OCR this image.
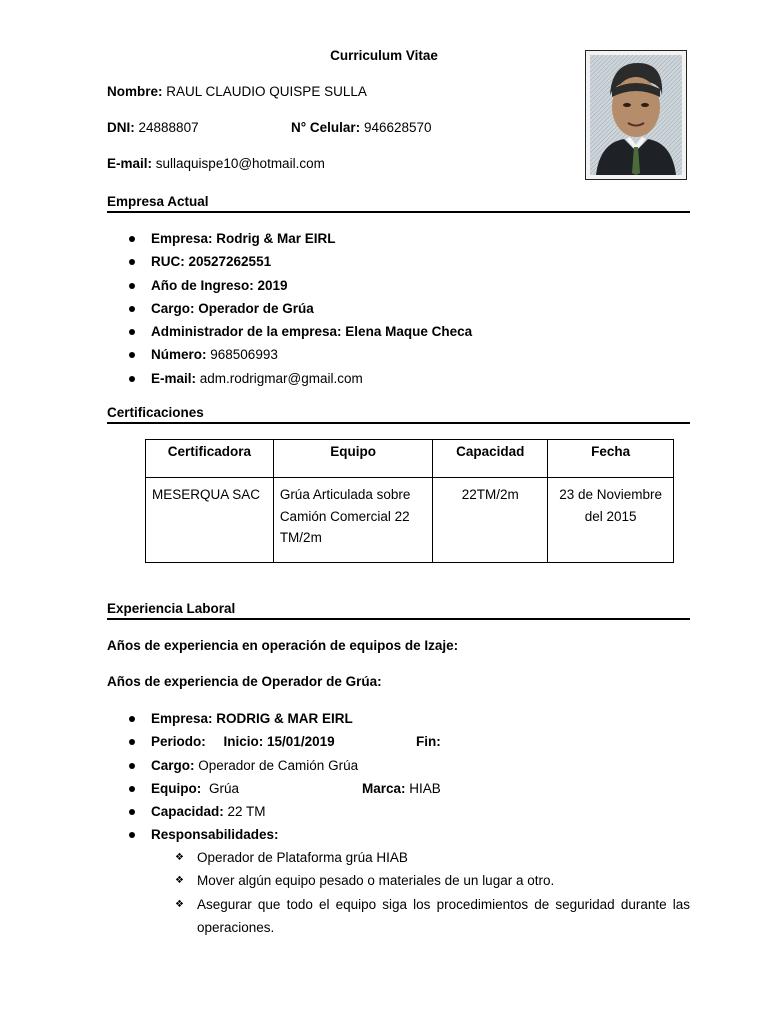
Curriculum Vitae
Nombre: RAUL CLAUDIO QUISPE SULLA
DNI: 24888807	N° Celular: 946628570
E-mail: sullaquispe10@hotmail.com
Empresa Actual
Empresa: Rodrig & Mar EIRL
RUC: 20527262551
Año de Ingreso: 2019
Cargo: Operador de Grúa
Administrador de la empresa: Elena Maque Checa
Número: 968506993
E-mail: adm.rodrigmar@gmail.com
Certificaciones
Certificadora	Equipo	Capacidad	Fecha
MESERQUA SAC	Grúa Articulada sobre Camión Comercial 22 TM/2m	22TM/2m	23 de Noviembre del 2015
Experiencia Laboral
Años de experiencia en operación de equipos de Izaje:
Años de experiencia de Operador de Grúa:
Empresa: RODRIG & MAR EIRL
Periodo: Inicio: 15/01/2019	Fin:
Cargo: Operador de Camión Grúa
Equipo: Grúa	Marca: HIAB
Capacidad: 22 TM
Responsabilidades:
❖ Operador de Plataforma grúa HIAB
❖ Mover algún equipo pesado o materiales de un lugar a otro.
❖ Asegurar que todo el equipo siga los procedimientos de seguridad durante las operaciones.
